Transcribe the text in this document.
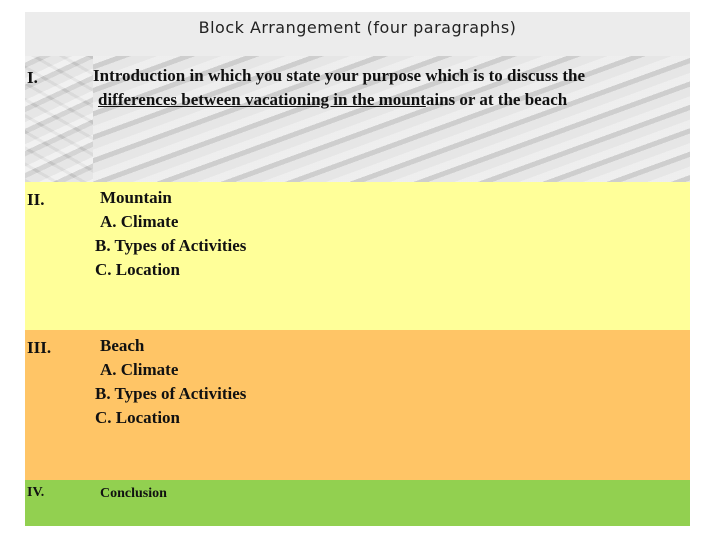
Block Arrangement (four paragraphs)
I.	Introduction in which you state your purpose which is to discuss the
differences between vacationing in the mountains or at the beach
II.	Mountain
A. Climate
B. Types of Activities
C. Location
III.	Beach
A. Climate
B. Types of Activities
C. Location
IV.	Conclusion
